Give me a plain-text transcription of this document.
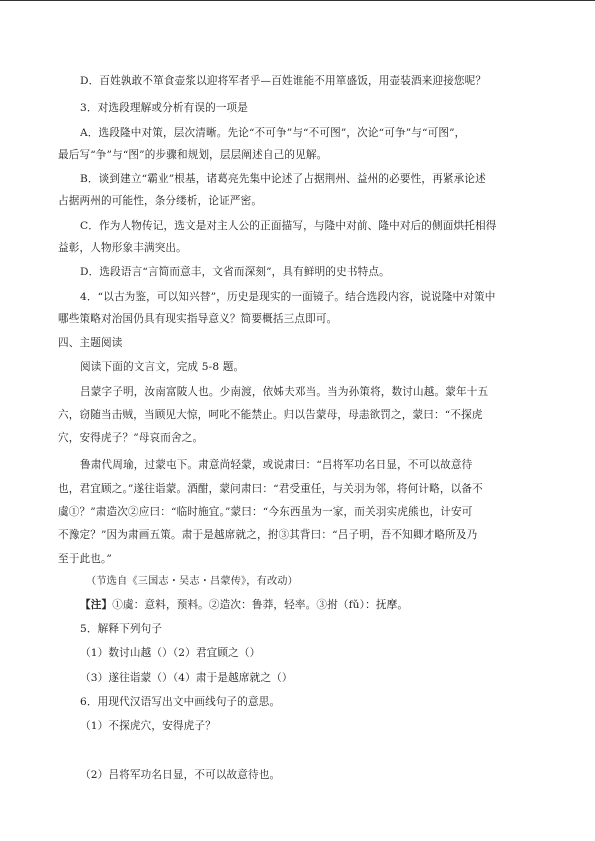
D．百姓孰敢不箪食壶浆以迎将军者乎—百姓谁能不用箪盛饭，用壶装酒来迎接您呢？
3．对选段理解或分析有误的一项是
A．选段隆中对策，层次清晰。先论“不可争”与“不可图”，次论“可争”与“可图”，
最后写“争”与“图”的步骤和规划，层层阐述自己的见解。
B．谈到建立“霸业”根基，诸葛亮先集中论述了占据荆州、益州的必要性，再紧承论述
占据两州的可能性，条分缕析，论证严密。
C．作为人物传记，选文是对主人公的正面描写，与隆中对前、隆中对后的侧面烘托相得
益彰，人物形象丰满突出。
D．选段语言“言简而意丰，文省而深刻”，具有鲜明的史书特点。
4．“以古为鉴，可以知兴替”，历史是现实的一面镜子。结合选段内容，说说隆中对策中
哪些策略对治国仍具有现实指导意义？简要概括三点即可。
四、主题阅读
阅读下面的文言文，完成 5-8 题。
吕蒙字子明，汝南富陂人也。少南渡，依姊夫邓当。当为孙策将，数讨山越。蒙年十五
六，窃随当击贼，当顾见大惊，呵叱不能禁止。归以告蒙母，母恚欲罚之，蒙曰：“不探虎
穴，安得虎子？”母哀而舍之。
鲁肃代周瑜，过蒙屯下。肃意尚轻蒙，或说肃曰：“吕将军功名日显，不可以故意待
也，君宜顾之。”遂往诣蒙。酒酣，蒙问肃曰：“君受重任，与关羽为邻，将何计略，以备不
虞①？”肃造次②应曰：“临时施宜。”蒙曰：“今东西虽为一家，而关羽实虎熊也，计安可
不豫定？”因为肃画五策。肃于是越席就之，拊③其背曰：“吕子明，吾不知卿才略所及乃
至于此也。”
（节选自《三国志・吴志・吕蒙传》，有改动）
【注】①虞：意料，预料。②造次：鲁莽，轻率。③拊（fǔ）：抚摩。
5．解释下列句子
（1）数讨山越（）（2）君宜顾之（）
（3）遂往诣蒙（）（4）肃于是越席就之（）
6．用现代汉语写出文中画线句子的意思。
（1）不探虎穴，安得虎子？
（2）吕将军功名日显，不可以故意待也。
